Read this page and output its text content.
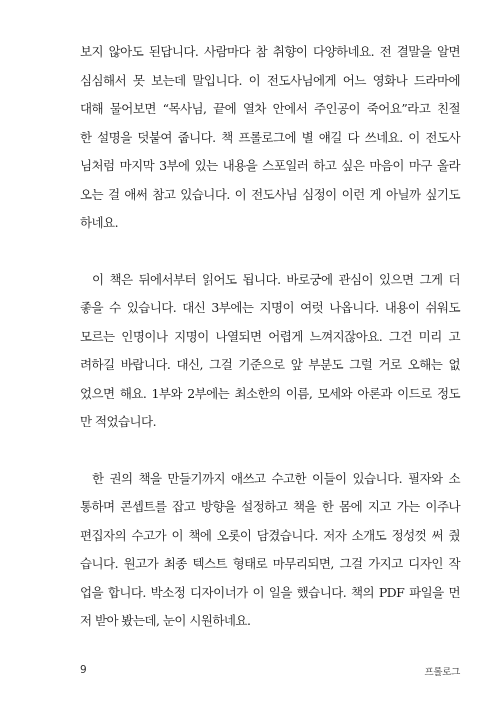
보지 않아도 된답니다. 사람마다 참 취향이 다양하네요. 전 결말을 알면
심심해서 못 보는데 말입니다. 이 전도사님에게 어느 영화나 드라마에
대해 물어보면 “목사님, 끝에 열차 안에서 주인공이 죽어요”라고 친절
한 설명을 덧붙여 줍니다. 책 프롤로그에 별 얘길 다 쓰네요. 이 전도사
님처럼 마지막 3부에 있는 내용을 스포일러 하고 싶은 마음이 마구 올라
오는 걸 애써 참고 있습니다. 이 전도사님 심정이 이런 게 아닐까 싶기도
하네요.

이 책은 뒤에서부터 읽어도 됩니다. 바로궁에 관심이 있으면 그게 더
좋을 수 있습니다. 대신 3부에는 지명이 여럿 나옵니다. 내용이 쉬워도
모르는 인명이나 지명이 나열되면 어렵게 느껴지잖아요. 그건 미리 고
려하길 바랍니다. 대신, 그걸 기준으로 앞 부분도 그럴 거로 오해는 없
었으면 해요. 1부와 2부에는 최소한의 이름, 모세와 아론과 이드로 정도
만 적었습니다.

한 권의 책을 만들기까지 애쓰고 수고한 이들이 있습니다. 필자와 소
통하며 콘셉트를 잡고 방향을 설정하고 책을 한 몸에 지고 가는 이주나
편집자의 수고가 이 책에 오롯이 담겼습니다. 저자 소개도 정성껏 써 줬
습니다. 원고가 최종 텍스트 형태로 마무리되면, 그걸 가지고 디자인 작
업을 합니다. 박소정 디자이너가 이 일을 했습니다. 책의 PDF 파일을 먼
저 받아 봤는데, 눈이 시원하네요.

9	프롤로그
